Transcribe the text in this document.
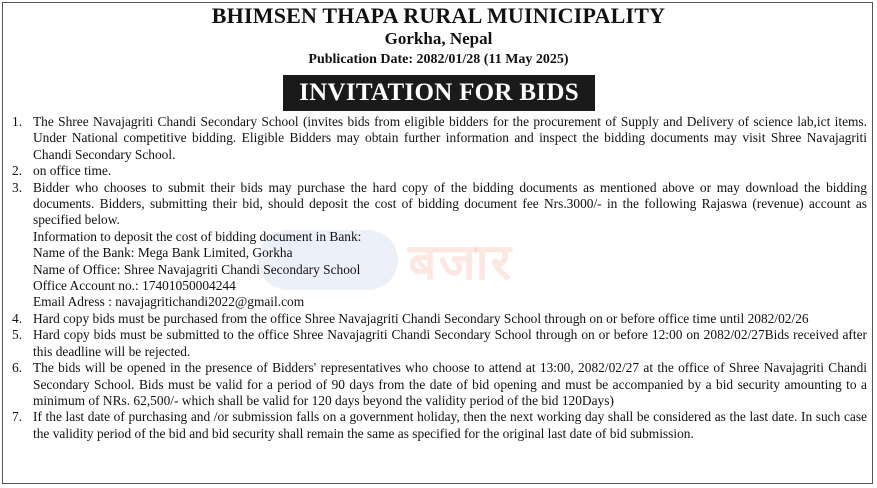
बजार
BHIMSEN THAPA RURAL MUINICIPALITY
Gorkha, Nepal
Publication Date: 2082/01/28 (11 May 2025)
INVITATION FOR BIDS
1. The Shree Navajagriti Chandi Secondary School (invites bids from eligible bidders for the procurement of Supply and Delivery of science lab,ict items. Under National competitive bidding. Eligible Bidders may obtain further information and inspect the bidding documents may visit Shree Navajagriti Chandi Secondary School.
2. on office time.
3. Bidder who chooses to submit their bids may purchase the hard copy of the bidding documents as mentioned above or may download the bidding documents. Bidders, submitting their bid, should deposit the cost of bidding document fee Nrs.3000/- in the following Rajaswa (revenue) account as specified below.
Information to deposit the cost of bidding document in Bank:
Name of the Bank: Mega Bank Limited, Gorkha
Name of Office: Shree Navajagriti Chandi Secondary School
Office Account no.: 17401050004244
Email Adress : navajagritichandi2022@gmail.com
4. Hard copy bids must be purchased from the office Shree Navajagriti Chandi Secondary School through on or before office time until 2082/02/26
5. Hard copy bids must be submitted to the office Shree Navajagriti Chandi Secondary School through on or before 12:00 on 2082/02/27Bids received after this deadline will be rejected.
6. The bids will be opened in the presence of Bidders' representatives who choose to attend at 13:00, 2082/02/27 at the office of Shree Navajagriti Chandi Secondary School. Bids must be valid for a period of 90 days from the date of bid opening and must be accompanied by a bid security amounting to a minimum of NRs. 62,500/- which shall be valid for 120 days beyond the validity period of the bid 120Days)
7. If the last date of purchasing and /or submission falls on a government holiday, then the next working day shall be considered as the last date. In such case the validity period of the bid and bid security shall remain the same as specified for the original last date of bid submission.
